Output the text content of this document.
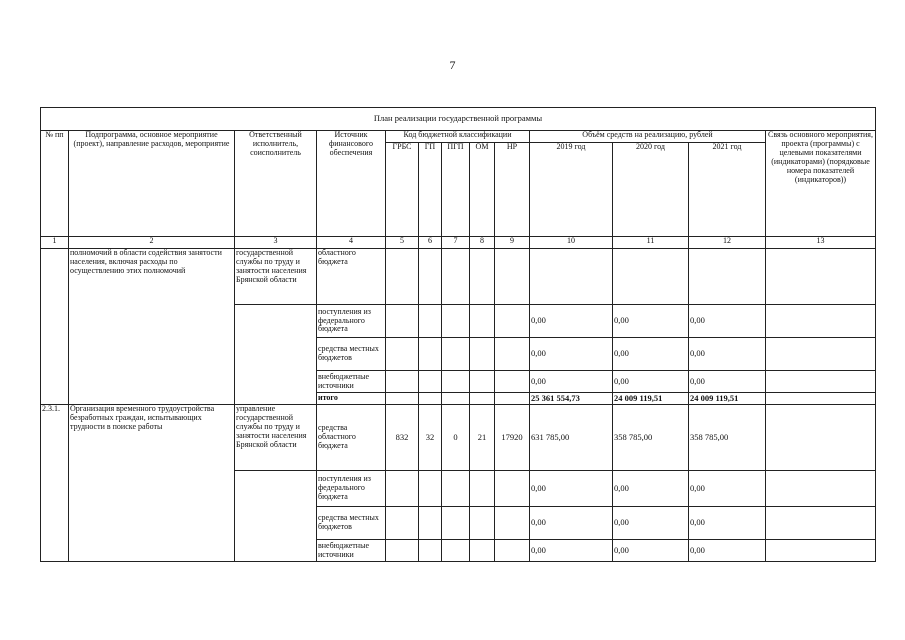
7
План реализации государственной программы												
№ пп	Подпрограмма, основное мероприятие (проект), направление расходов, мероприятие	Ответственный исполнитель, соисполнитель	Источник финансового обеспечения	Код бюджетной классификации					Объём средств на реализацию, рублей			Связь основного мероприятия, проекта (программы) с целевыми показателями (индикаторами) (порядковые номера показателей (индикаторов))
				ГРБС	ГП	ПГП	ОМ	НР	2019 год	2020 год	2021 год	
1	2	3	4	5	6	7	8	9	10	11	12	13
	полномочий в области содействия занятости населения, включая расходы по осуществлению этих полномочий	государственной службы по труду и занятости населения Брянской области	областного бюджета									
			поступления из федерального бюджета						0,00	0,00	0,00	
			средства местных бюджетов						0,00	0,00	0,00	
			внебюджетные источники						0,00	0,00	0,00	
			итого						25 361 554,73	24 009 119,51	24 009 119,51	
2.3.1.	Организация временного трудоустройства безработных граждан, испытывающих трудности в поиске работы	управление государственной службы по труду и занятости населения Брянской области	средства областного бюджета	832	32	0	21	17920	631 785,00	358 785,00	358 785,00	
			поступления из федерального бюджета						0,00	0,00	0,00	
			средства местных бюджетов						0,00	0,00	0,00	
			внебюджетные источники						0,00	0,00	0,00	
